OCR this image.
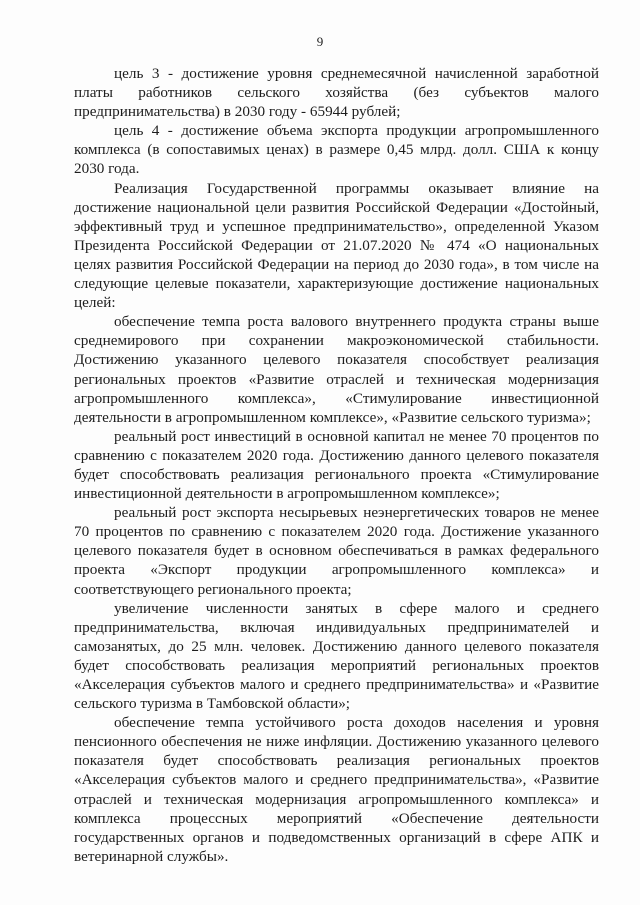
9

цель 3 - достижение уровня среднемесячной начисленной заработной платы работников сельского хозяйства (без субъектов малого предпринимательства) в 2030 году - 65944 рублей;

цель 4 - достижение объема экспорта продукции агропромышленного комплекса (в сопоставимых ценах) в размере 0,45 млрд. долл. США к концу 2030 года.

Реализация Государственной программы оказывает влияние на достижение национальной цели развития Российской Федерации «Достойный, эффективный труд и успешное предпринимательство», определенной Указом Президента Российской Федерации от 21.07.2020 № 474 «О национальных целях развития Российской Федерации на период до 2030 года», в том числе на следующие целевые показатели, характеризующие достижение национальных целей:

обеспечение темпа роста валового внутреннего продукта страны выше среднемирового при сохранении макроэкономической стабильности. Достижению указанного целевого показателя способствует реализация региональных проектов «Развитие отраслей и техническая модернизация агропромышленного комплекса», «Стимулирование инвестиционной деятельности в агропромышленном комплексе», «Развитие сельского туризма»;

реальный рост инвестиций в основной капитал не менее 70 процентов по сравнению с показателем 2020 года. Достижению данного целевого показателя будет способствовать реализация регионального проекта «Стимулирование инвестиционной деятельности в агропромышленном комплексе»;

реальный рост экспорта несырьевых неэнергетических товаров не менее 70 процентов по сравнению с показателем 2020 года. Достижение указанного целевого показателя будет в основном обеспечиваться в рамках федерального проекта «Экспорт продукции агропромышленного комплекса» и соответствующего регионального проекта;

увеличение численности занятых в сфере малого и среднего предпринимательства, включая индивидуальных предпринимателей и самозанятых, до 25 млн. человек. Достижению данного целевого показателя будет способствовать реализация мероприятий региональных проектов «Акселерация субъектов малого и среднего предпринимательства» и «Развитие сельского туризма в Тамбовской области»;

обеспечение темпа устойчивого роста доходов населения и уровня пенсионного обеспечения не ниже инфляции. Достижению указанного целевого показателя будет способствовать реализация региональных проектов «Акселерация субъектов малого и среднего предпринимательства», «Развитие отраслей и техническая модернизация агропромышленного комплекса» и комплекса процессных мероприятий «Обеспечение деятельности государственных органов и подведомственных организаций в сфере АПК и ветеринарной службы».
